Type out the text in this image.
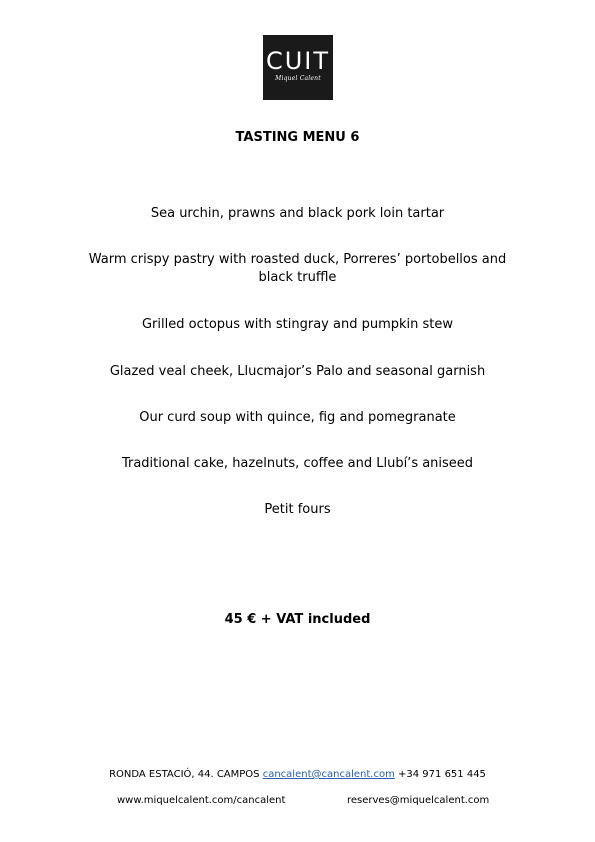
CUIT
Miquel Calent
TASTING MENU 6
Sea urchin, prawns and black pork loin tartar
Warm crispy pastry with roasted duck, Porreres’ portobellos and black truffle
Grilled octopus with stingray and pumpkin stew
Glazed veal cheek, Llucmajor’s Palo and seasonal garnish
Our curd soup with quince, fig and pomegranate
Traditional cake, hazelnuts, coffee and Llubí’s aniseed
Petit fours
45 € + VAT included
RONDA ESTACIÓ, 44. CAMPOS cancalent@cancalent.com +34 971 651 445
www.miquelcalent.com/cancalent	reserves@miquelcalent.com
